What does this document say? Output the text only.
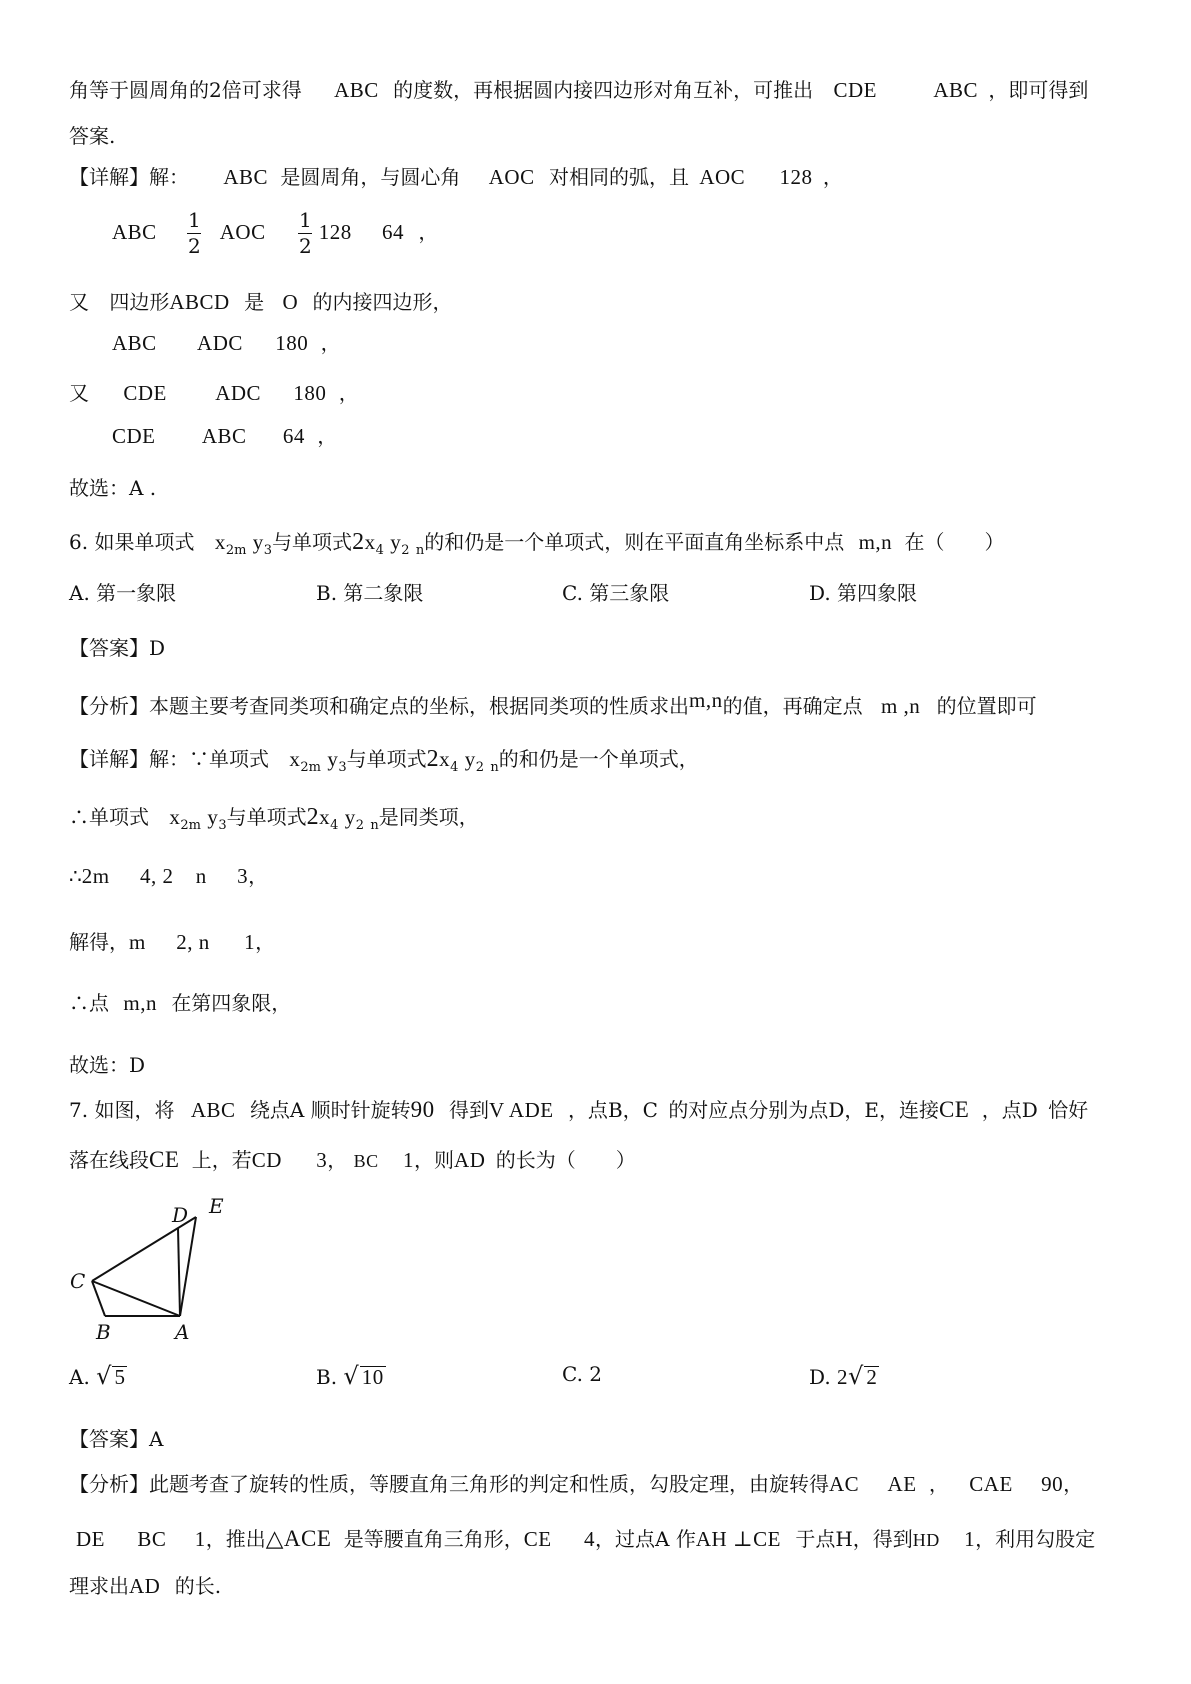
角等于圆周角的2倍可求得 ABC 的度数，再根据圆内接四边形对角互补，可推出 CDE	ABC ，即可得到
答案.
【详解】解： ABC 是圆周角，与圆心角 AOC 对相同的弧，且 AOC 128 ，
ABC $\frac{1}{2}$ AOC $\frac{1}{2} 128$ 64 ，
又 四边形ABCD 是 O 的内接四边形，
ABC ADC 180 ，
又 CDE ADC 180 ，
CDE ABC 64 ，
故选：A .
6. 如果单项式 $x_{2m}$ $y_3$与单项式$2x_4$ $y_2$ $_n$的和仍是一个单项式，则在平面直角坐标系中点 m,n 在（　　）
A. 第一象限	B. 第二象限	C. 第三象限	D. 第四象限
【答案】D
【分析】本题主要考查同类项和确定点的坐标，根据同类项的性质求出m,n的值，再确定点 m ,n 的位置即可
【详解】解：∵单项式 $x_{2m}$ $y_3$与单项式$2x_4$ $y_2$ $_n$的和仍是一个单项式，
∴单项式 $x_{2m}$ $y_3$与单项式$2x_4$ $y_2$ $_n$是同类项，
∴2m 4, 2 n 3，
解得，m 2, n 1，
∴点 m,n 在第四象限，
故选：D
7. 如图，将 ABC 绕点A 顺时针旋转90 得到V ADE ，点B，C 的对应点分别为点D，E，连接CE ，点D 恰好
落在线段CE 上，若CD 3， BC 1，则AD 的长为（　　）
E
D
C
B	A
A. √ 5	B. √ 10	C. 2	D. 2√ 2
【答案】A
【分析】此题考查了旋转的性质，等腰直角三角形的判定和性质，勾股定理，由旋转得AC AE ， CAE 90，
DE BC 1，推出△ACE 是等腰直角三角形，CE 4，过点A 作AH ⊥CE 于点H，得到HD 1，利用勾股定
理求出AD 的长.
